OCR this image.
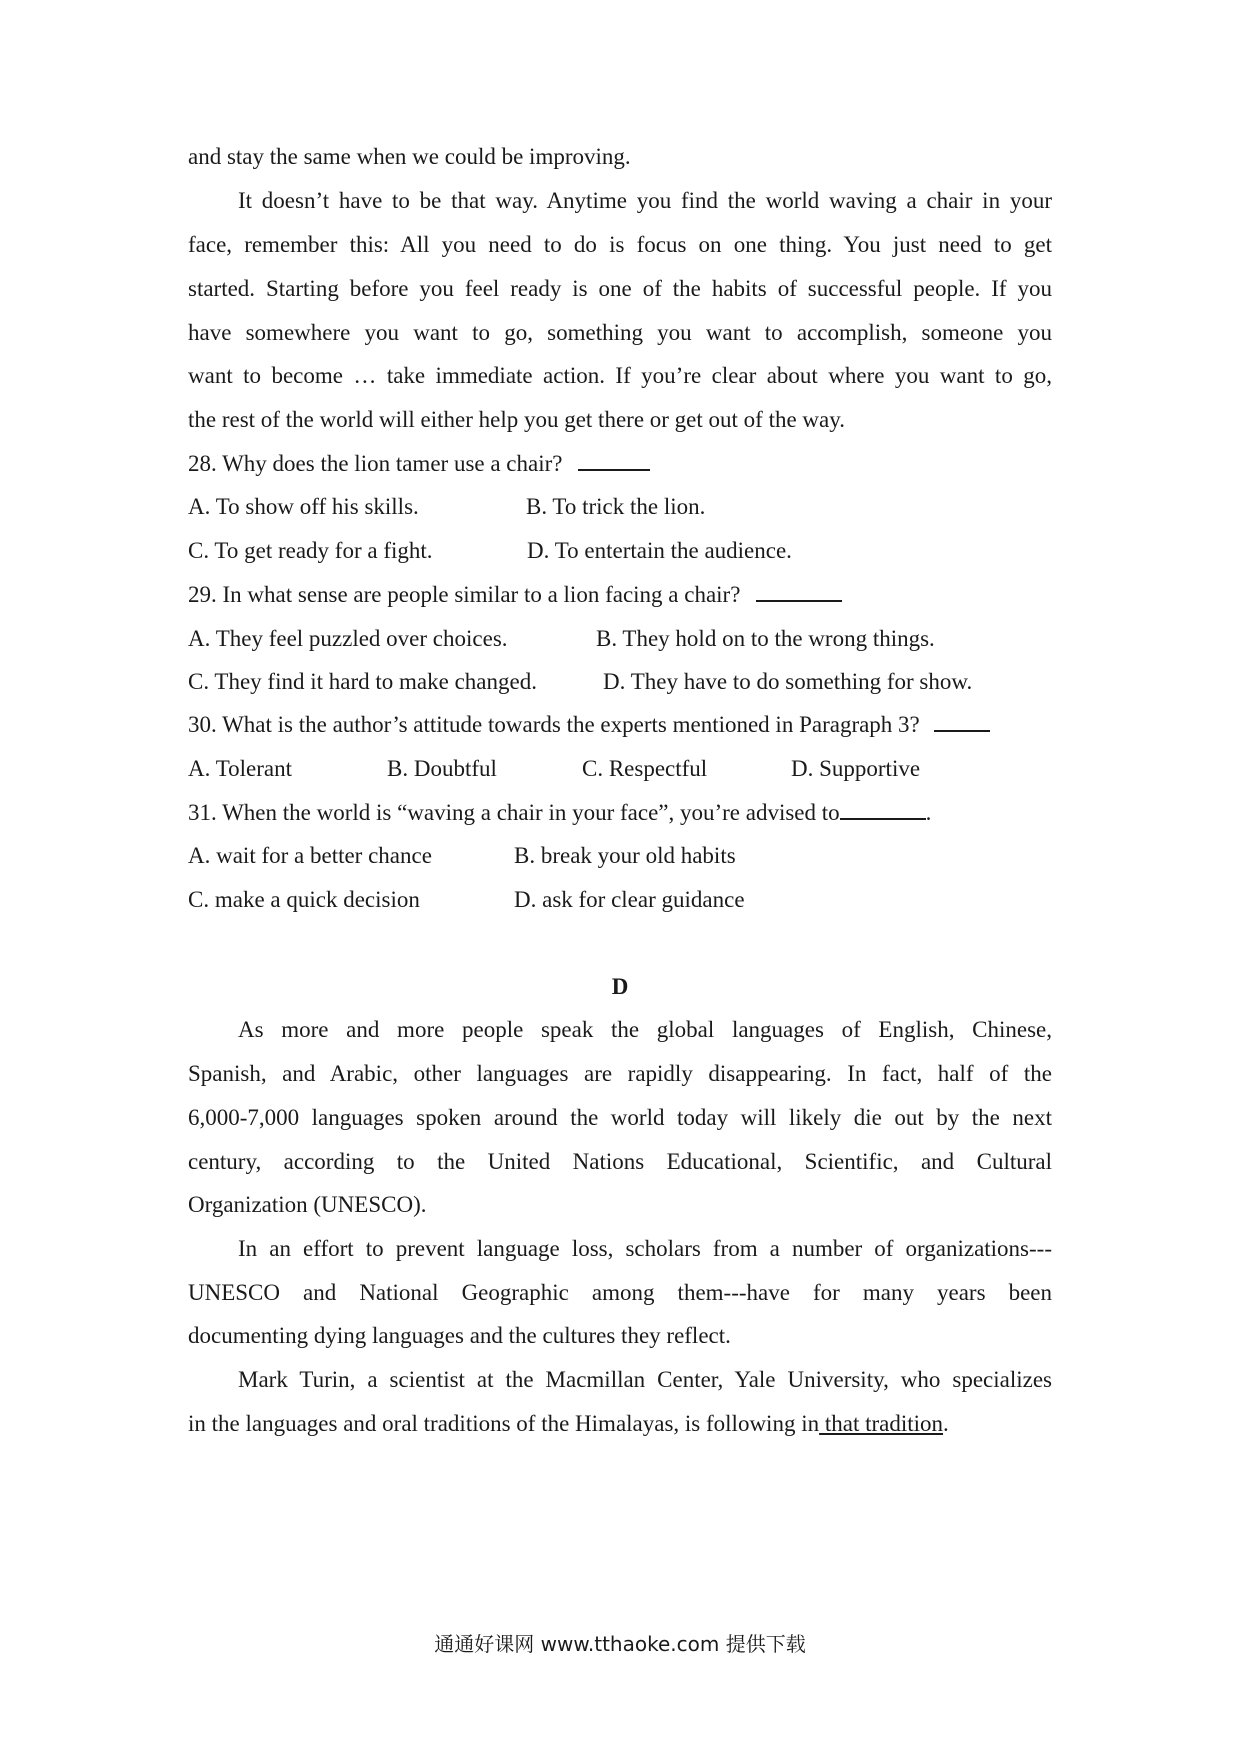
and stay the same when we could be improving.
It doesn’t have to be that way. Anytime you find the world waving a chair in your
face, remember this: All you need to do is focus on one thing. You just need to get
started. Starting before you feel ready is one of the habits of successful people. If you
have somewhere you want to go, something you want to accomplish, someone you
want to become … take immediate action. If you’re clear about where you want to go,
the rest of the world will either help you get there or get out of the way.
28. Why does the lion tamer use a chair?
A. To show off his skills.	B. To trick the lion.
C. To get ready for a fight.	D. To entertain the audience.
29. In what sense are people similar to a lion facing a chair?
A. They feel puzzled over choices.	B. They hold on to the wrong things.
C. They find it hard to make changed.	D. They have to do something for show.
30. What is the author’s attitude towards the experts mentioned in Paragraph 3?
A. Tolerant	B. Doubtful	C. Respectful	D. Supportive
31. When the world is “waving a chair in your face”, you’re advised to	.
A. wait for a better chance	B. break your old habits
C. make a quick decision	D. ask for clear guidance
D
As more and more people speak the global languages of English, Chinese,
Spanish, and Arabic, other languages are rapidly disappearing. In fact, half of the
6,000-7,000 languages spoken around the world today will likely die out by the next
century, according to the United Nations Educational, Scientific, and Cultural
Organization (UNESCO).
In an effort to prevent language loss, scholars from a number of organizations---
UNESCO and National Geographic among them---have for many years been
documenting dying languages and the cultures they reflect.
Mark Turin, a scientist at the Macmillan Center, Yale University, who specializes
in the languages and oral traditions of the Himalayas, is following in that tradition.
通通好课网 www.tthaoke.com 提供下载
